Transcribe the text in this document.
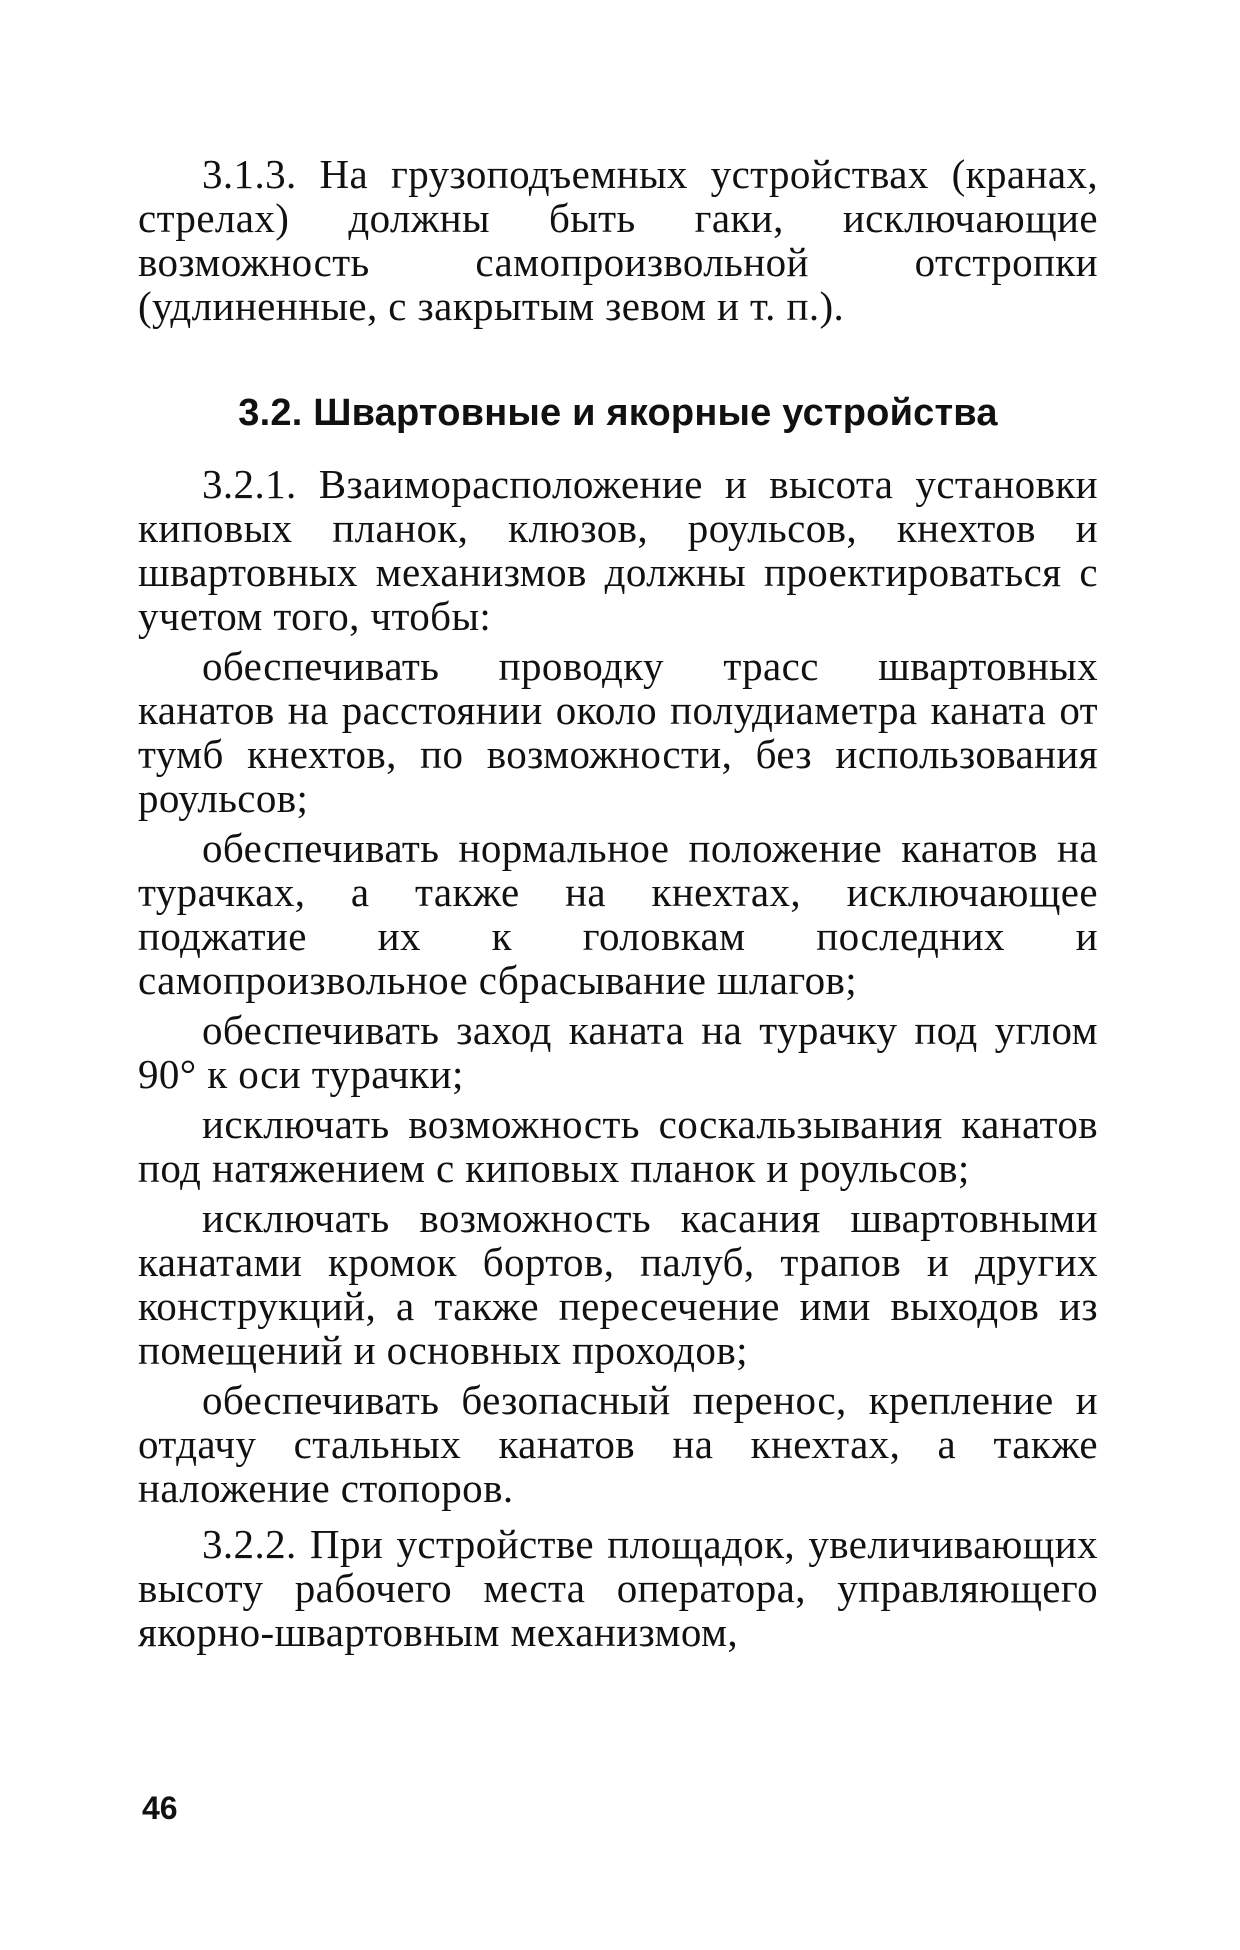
3.1.3. На грузоподъемных устройствах (кранах, стрелах) должны быть гаки, исключающие возможность самопроизвольной отстропки (удлиненные, с закрытым зевом и т. п.).

3.2. Швартовные и якорные устройства

3.2.1. Взаиморасположение и высота установки киповых планок, клюзов, роульсов, кнехтов и швартовных механизмов должны проектироваться с учетом того, чтобы:

обеспечивать проводку трасс швартовных канатов на расстоянии около полудиаметра каната от тумб кнехтов, по возможности, без использования роульсов;

обеспечивать нормальное положение канатов на турачках, а также на кнехтах, исключающее поджатие их к головкам последних и самопроизвольное сбрасывание шлагов;

обеспечивать заход каната на турачку под углом 90° к оси турачки;

исключать возможность соскальзывания канатов под натяжением с киповых планок и роульсов;

исключать возможность касания швартовными канатами кромок бортов, палуб, трапов и других конструкций, а также пересечение ими выходов из помещений и основных проходов;

обеспечивать безопасный перенос, крепление и отдачу стальных канатов на кнехтах, а также наложение стопоров.

3.2.2. При устройстве площадок, увеличивающих высоту рабочего места оператора, управляющего якорно-швартовным механизмом,

46
